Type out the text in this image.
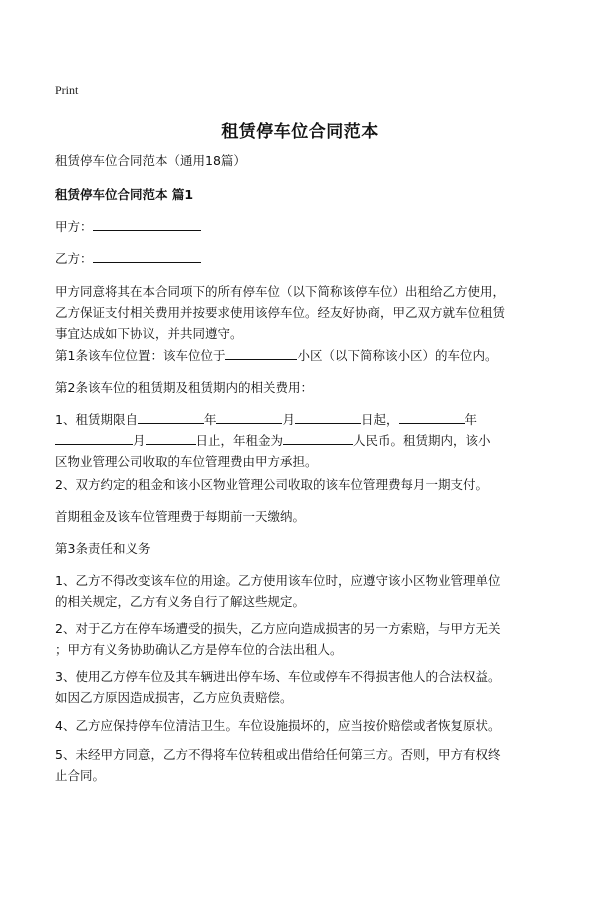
Print
租赁停车位合同范本
租赁停车位合同范本（通用18篇）
租赁停车位合同范本 篇1
甲方：
乙方：
甲方同意将其在本合同项下的所有停车位（以下简称该停车位）出租给乙方使用，
乙方保证支付相关费用并按要求使用该停车位。经友好协商，甲乙双方就车位租赁
事宜达成如下协议，并共同遵守。
第1条该车位位置：该车位位于	小区（以下简称该小区）的车位内。
第2条该车位的租赁期及租赁期内的相关费用：
1、租赁期限自	年	月	日起，	年
月	日止，年租金为	人民币。租赁期内，该小
区物业管理公司收取的车位管理费由甲方承担。
2、双方约定的租金和该小区物业管理公司收取的该车位管理费每月一期支付。
首期租金及该车位管理费于每期前一天缴纳。
第3条责任和义务
1、乙方不得改变该车位的用途。乙方使用该车位时，应遵守该小区物业管理单位
的相关规定，乙方有义务自行了解这些规定。
2、对于乙方在停车场遭受的损失，乙方应向造成损害的另一方索赔，与甲方无关
；甲方有义务协助确认乙方是停车位的合法出租人。
3、使用乙方停车位及其车辆进出停车场、车位或停车不得损害他人的合法权益。
如因乙方原因造成损害，乙方应负责赔偿。
4、乙方应保持停车位清洁卫生。车位设施损坏的，应当按价赔偿或者恢复原状。
5、未经甲方同意，乙方不得将车位转租或出借给任何第三方。否则，甲方有权终
止合同。
